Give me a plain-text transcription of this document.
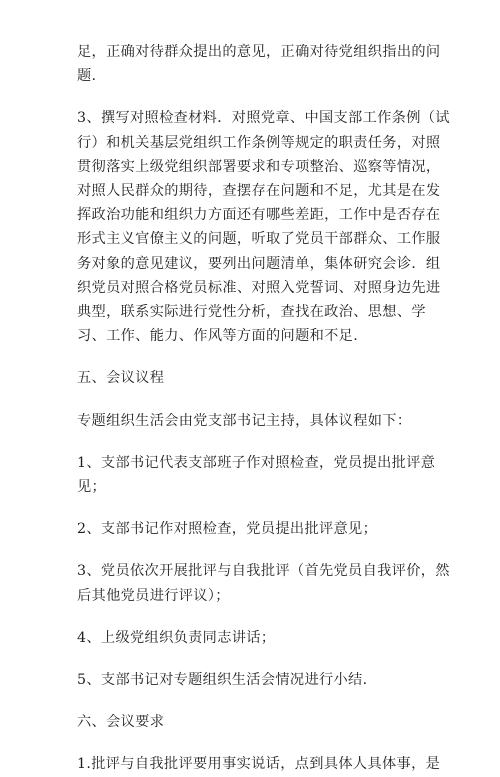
足，正确对待群众提出的意见，正确对待党组织指出的问
题.

3、撰写对照检查材料．对照党章、中国支部工作条例（试
行）和机关基层党组织工作条例等规定的职责任务，对照
贯彻落实上级党组织部署要求和专项整治、巡察等情况，
对照人民群众的期待，查摆存在问题和不足，尤其是在发
挥政治功能和组织力方面还有哪些差距，工作中是否存在
形式主义官僚主义的问题，听取了党员干部群众、工作服
务对象的意见建议，要列出问题清单，集体研究会诊．组
织党员对照合格党员标准、对照入党誓词、对照身边先进
典型，联系实际进行党性分析，查找在政治、思想、学
习、工作、能力、作风等方面的问题和不足.

五、会议议程

专题组织生活会由党支部书记主持，具体议程如下：

1、支部书记代表支部班子作对照检查，党员提出批评意
见；

2、支部书记作对照检查，党员提出批评意见；

3、党员依次开展批评与自我批评（首先党员自我评价，然
后其他党员进行评议）；

4、上级党组织负责同志讲话；

5、支部书记对专题组织生活会情况进行小结.

六、会议要求

1.批评与自我批评要用事实说话，点到具体人具体事，是
